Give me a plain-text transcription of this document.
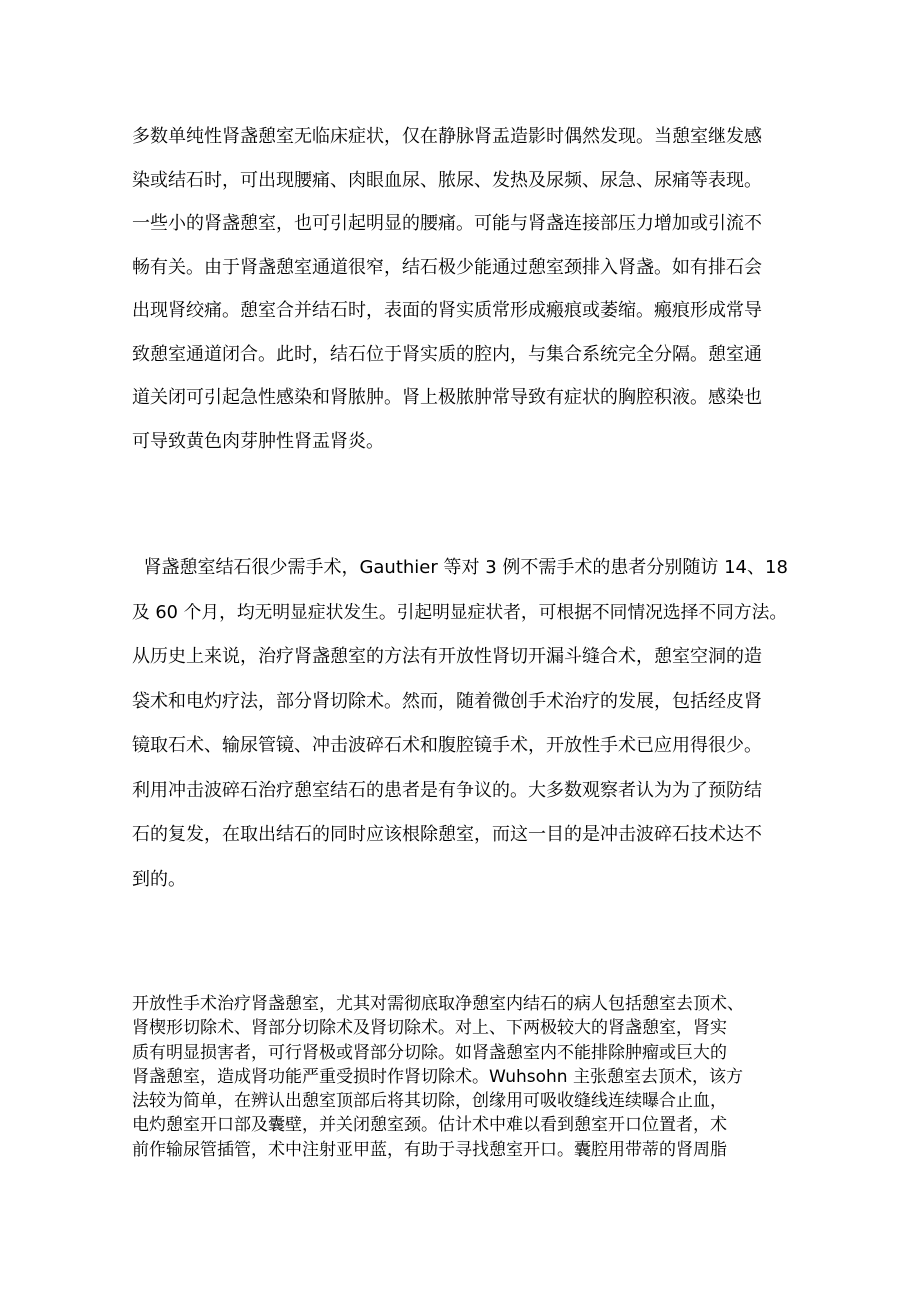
多数单纯性肾盏憩室无临床症状，仅在静脉肾盂造影时偶然发现。当憩室继发感
染或结石时，可出现腰痛、肉眼血尿、脓尿、发热及尿频、尿急、尿痛等表现。
一些小的肾盏憩室，也可引起明显的腰痛。可能与肾盏连接部压力增加或引流不
畅有关。由于肾盏憩室通道很窄，结石极少能通过憩室颈排入肾盏。如有排石会
出现肾绞痛。憩室合并结石时，表面的肾实质常形成瘢痕或萎缩。瘢痕形成常导
致憩室通道闭合。此时，结石位于肾实质的腔内，与集合系统完全分隔。憩室通
道关闭可引起急性感染和肾脓肿。肾上极脓肿常导致有症状的胸腔积液。感染也
可导致黄色肉芽肿性肾盂肾炎。
肾盏憩室结石很少需手术，Gauthier 等对 3 例不需手术的患者分别随访 14、18
及 60 个月，均无明显症状发生。引起明显症状者，可根据不同情况选择不同方法。
从历史上来说，治疗肾盏憩室的方法有开放性肾切开漏斗缝合术，憩室空洞的造
袋术和电灼疗法，部分肾切除术。然而，随着微创手术治疗的发展，包括经皮肾
镜取石术、输尿管镜、冲击波碎石术和腹腔镜手术，开放性手术已应用得很少。
利用冲击波碎石治疗憩室结石的患者是有争议的。大多数观察者认为为了预防结
石的复发，在取出结石的同时应该根除憩室，而这一目的是冲击波碎石技术达不
到的。
开放性手术治疗肾盏憩室，尤其对需彻底取净憩室内结石的病人包括憩室去顶术、
肾楔形切除术、肾部分切除术及肾切除术。对上、下两极较大的肾盏憩室，肾实
质有明显损害者，可行肾极或肾部分切除。如肾盏憩室内不能排除肿瘤或巨大的
肾盏憩室，造成肾功能严重受损时作肾切除术。Wuhsohn 主张憩室去顶术，该方
法较为简单，在辨认出憩室顶部后将其切除，创缘用可吸收缝线连续曝合止血，
电灼憩室开口部及囊壁，并关闭憩室颈。估计术中难以看到憩室开口位置者，术
前作输尿管插管，术中注射亚甲蓝，有助于寻找憩室开口。囊腔用带蒂的肾周脂
